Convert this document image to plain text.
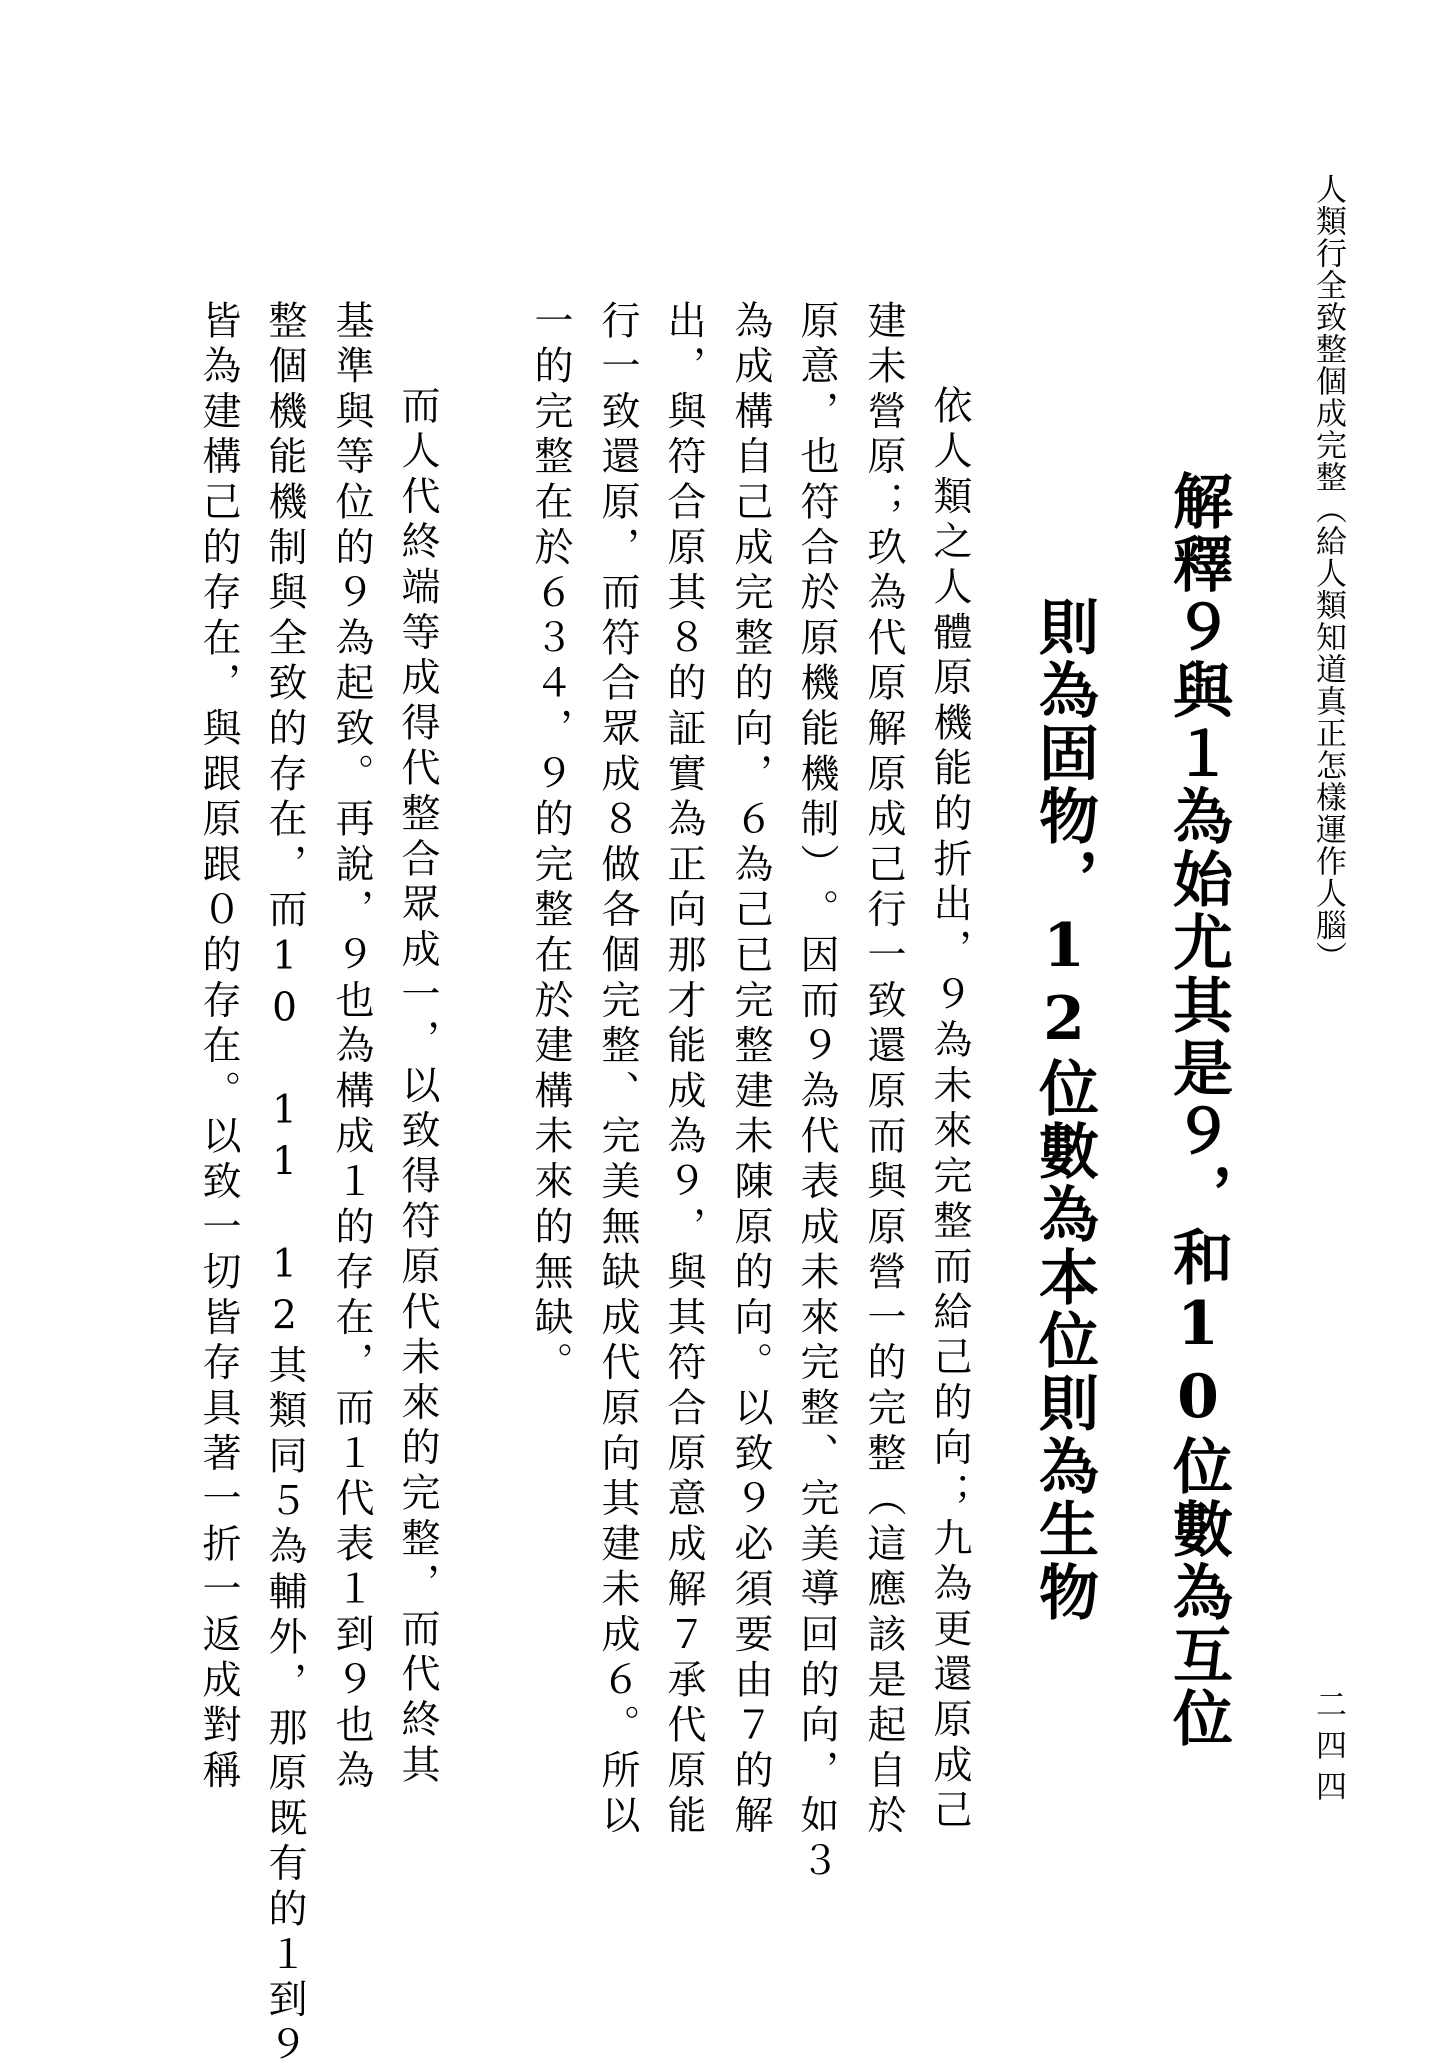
人類行全致整個成完整︵給人類知道真正怎樣運作人腦︶
二四四
解釋９與１為始尤其是９，和10位數為互位
則為固物，12位數為本位則為生物
依人類之人體原機能的折出，９為未來完整而給己的向；九為更還原成己
建未營原；玖為代原解原成己行一致還原而與原營一的完整︵這應該是起自於
原意，也符合於原機能機制︶。因而９為代表成未來完整、完美導回的向，如３
為成構自己成完整的向，６為己已完整建未陳原的向。以致９必須要由７的解
出，與符合原其８的証實為正向那才能成為９，與其符合原意成解７承代原能
行一致還原，而符合眾成８做各個完整、完美無缺成代原向其建未成６。所以
一的完整在於６３４，９的完整在於建構未來的無缺。
而人代終端等成得代整合眾成一，以致得符原代未來的完整，而代終其
基準與等位的９為起致。再說，９也為構成１的存在，而１代表１到９也為
整個機能機制與全致的存在，而10 11 12其類同５為輔外，那原既有的１到９
皆為建構己的存在，與跟原跟０的存在。以致一切皆存具著一折一返成對稱
